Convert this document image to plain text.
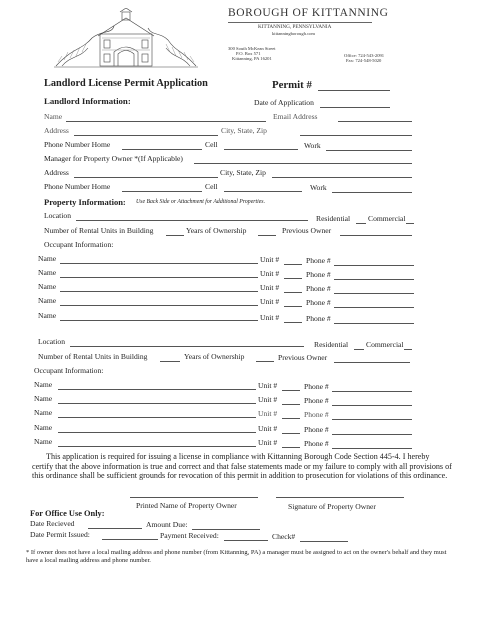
BOROUGH OF KITTANNING
KITTANNING, PENNSYLVANIA
kittanningborough.com
300 South McKean Street
P.O. Box 571
Kittanning, PA 16201
Office: 724-543-2091
Fax: 724-548-5020
Landlord License Permit Application	Permit #
Landlord Information:	Date of Application
Name	Email Address
Address	City, State, Zip
Phone Number Home	Cell	Work
Manager for Property Owner *(If Applicable)
Address	City, State, Zip
Phone Number Home	Cell	Work
Property Information: Use Back Side or Attachment for Additional Properties.
Location	Residential Commercial
Number of Rental Units in Building	Years of Ownership	Previous Owner
Occupant Information:
Name	Unit #	Phone #
Name	Unit #	Phone #
Name	Unit #	Phone #
Name	Unit #	Phone #
Name	Unit #	Phone #
Location	Residential Commercial
Number of Rental Units in Building	Years of Ownership	Previous Owner
Occupant Information:
Name	Unit #	Phone #
Name	Unit #	Phone #
Name	Unit #	Phone #
Name	Unit #	Phone #
Name	Unit #	Phone #
This application is required for issuing a license in compliance with Kittanning Borough Code Section 445-4. I hereby certify that the above information is true and correct and that false statements made or my failure to comply with all provisions of this ordinance shall be sufficient grounds for revocation of this permit in addition to prosecution for violations of this ordinance.
Printed Name of Property Owner	Signature of Property Owner
For Office Use Only:
Date Recieved	Amount Due:
Date Permit Issued:	Payment Received:	Check#
* If owner does not have a local mailing address and phone number (from Kittanning, PA) a manager must be assigned to act on the owner's behalf and they must have a local mailing address and phone number.
